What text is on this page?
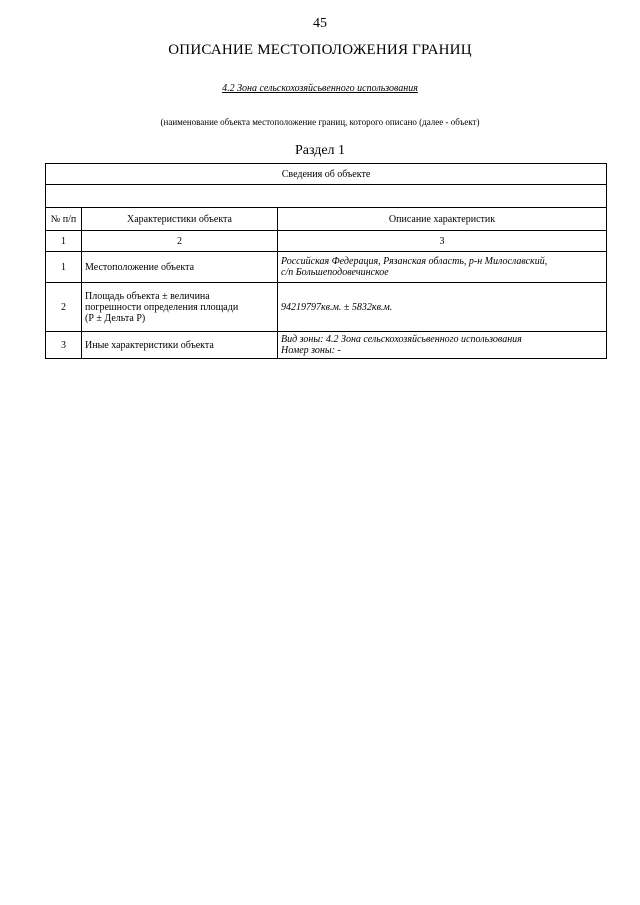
45
ОПИСАНИЕ МЕСТОПОЛОЖЕНИЯ ГРАНИЦ
4.2 Зона сельскохозяйсьвенного использования
(наименование объекта местоположение границ, которого описано (далее - объект)
Раздел 1
Сведения об объекте		

№ п/п	Характеристики объекта	Описание характеристик
1	2	3
1	Местоположение объекта	Российская Федерация, Рязанская область, р-н Милославский,
с/п Большеподовечинское
2	Площадь объекта ± величина
погрешности определения площади
(Р ± Дельта Р)	94219797кв.м. ± 5832кв.м.
3	Иные характеристики объекта	Вид зоны: 4.2 Зона сельскохозяйсьвенного использования
Номер зоны: -
